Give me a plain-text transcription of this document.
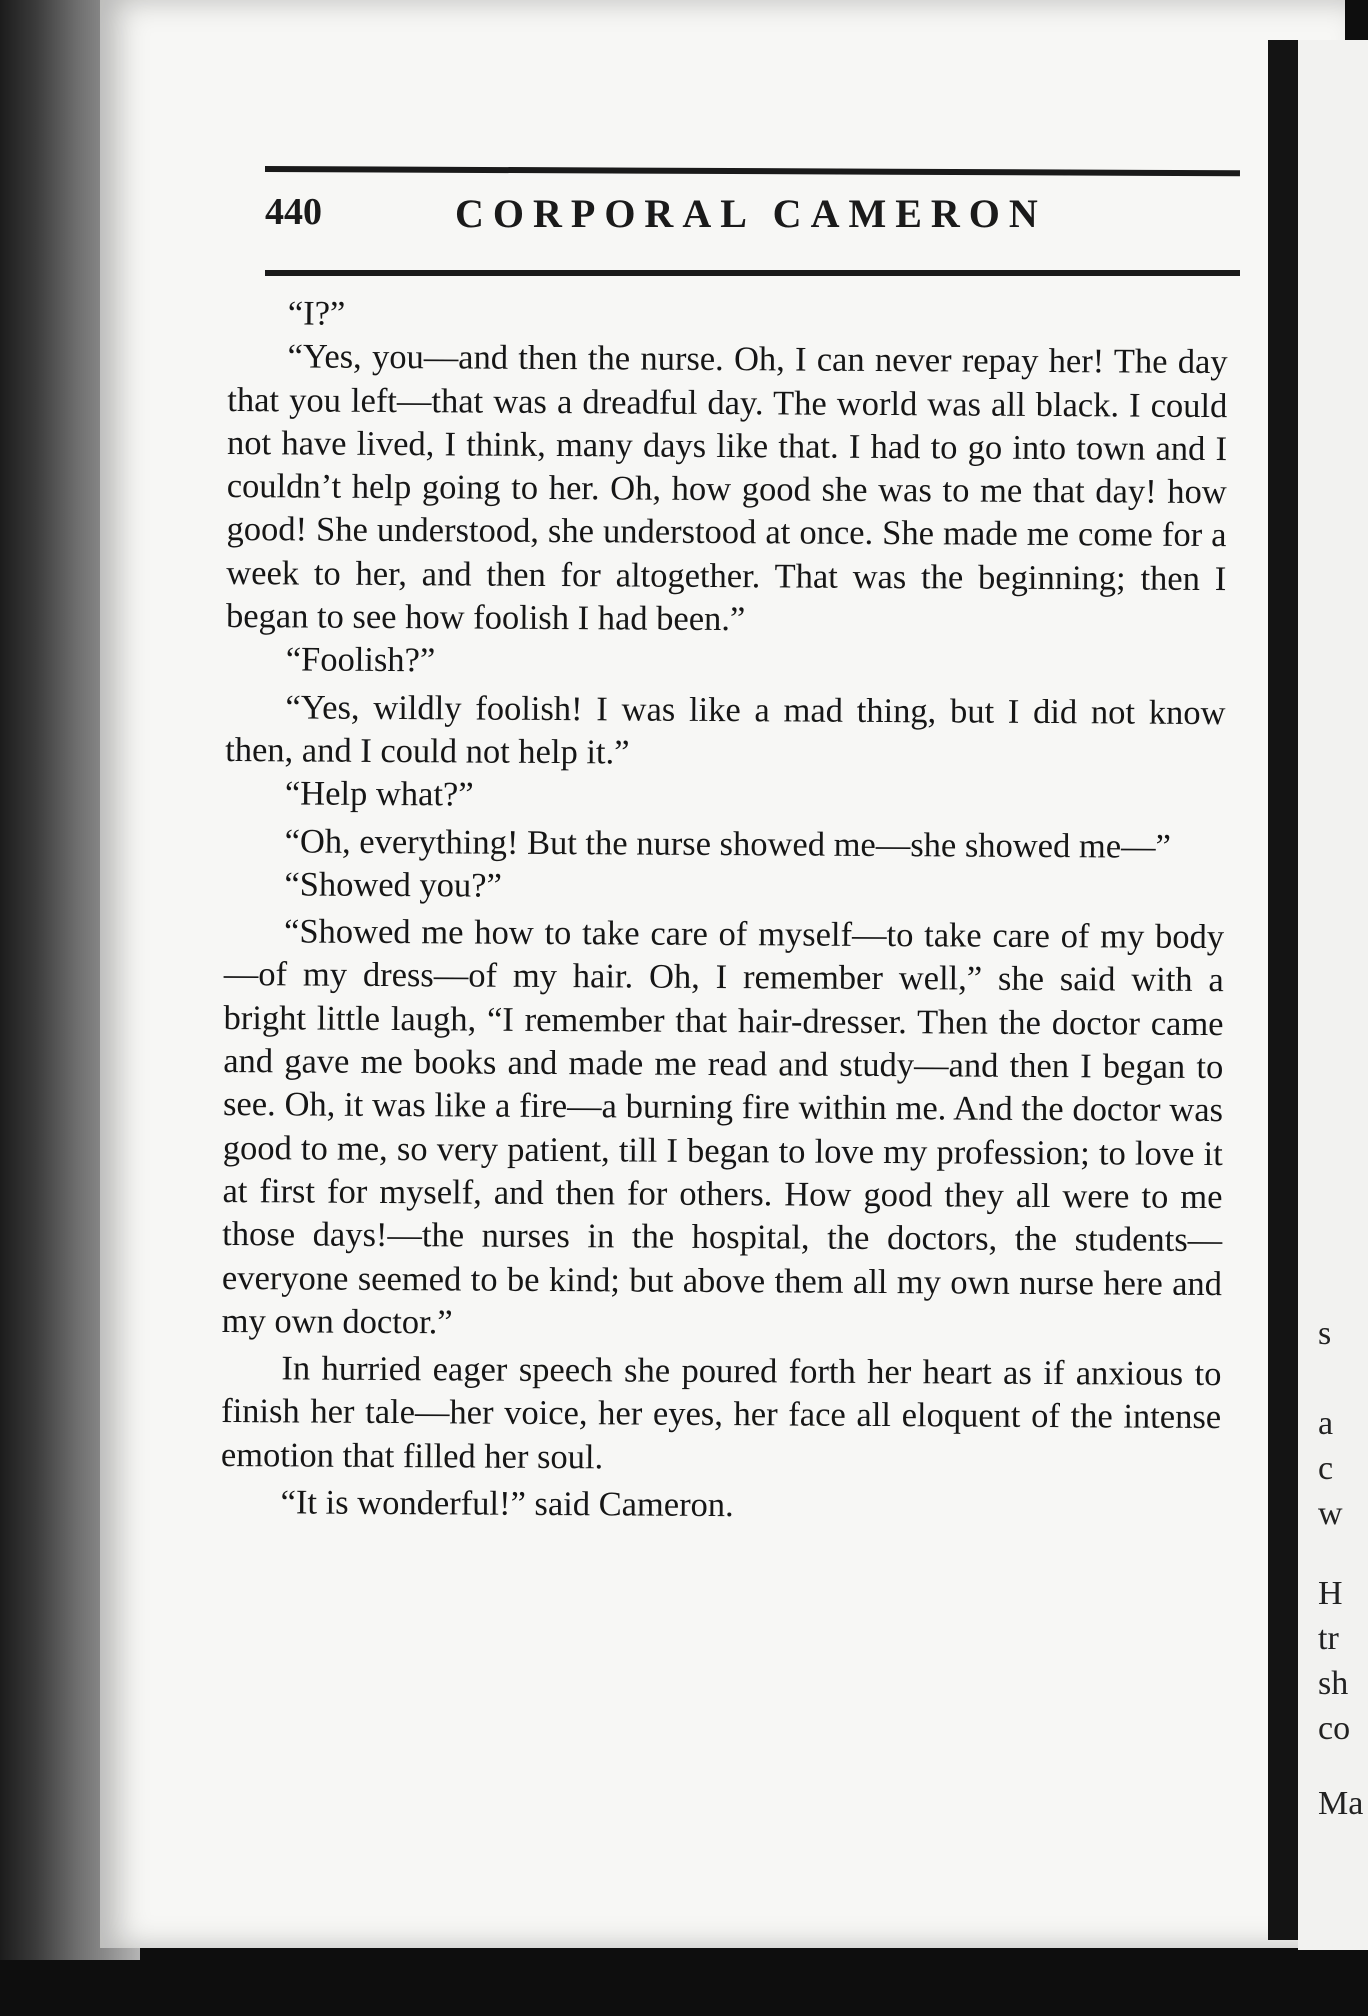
s
a
c
w
H
tr
sh
co
Ma
440	CORPORAL CAMERON

“I?”

“Yes, you—and then the nurse. Oh, I can never repay her! The day that you left—that was a dreadful day. The world was all black. I could not have lived, I think, many days like that. I had to go into town and I couldn’t help going to her. Oh, how good she was to me that day! how good! She understood, she understood at once. She made me come for a week to her, and then for altogether. That was the beginning; then I began to see how foolish I had been.”

“Foolish?”

“Yes, wildly foolish! I was like a mad thing, but I did not know then, and I could not help it.”

“Help what?”

“Oh, everything! But the nurse showed me—she showed me—”

“Showed you?”

“Showed me how to take care of myself—to take care of my body—of my dress—of my hair. Oh, I remember well,” she said with a bright little laugh, “I remember that hair-dresser. Then the doctor came and gave me books and made me read and study—and then I began to see. Oh, it was like a fire—a burning fire within me. And the doctor was good to me, so very patient, till I began to love my profession; to love it at first for myself, and then for others. How good they all were to me those days!—the nurses in the hospital, the doctors, the students—everyone seemed to be kind; but above them all my own nurse here and my own doctor.”

In hurried eager speech she poured forth her heart as if anxious to finish her tale—her voice, her eyes, her face all eloquent of the intense emotion that filled her soul.

“It is wonderful!” said Cameron.
